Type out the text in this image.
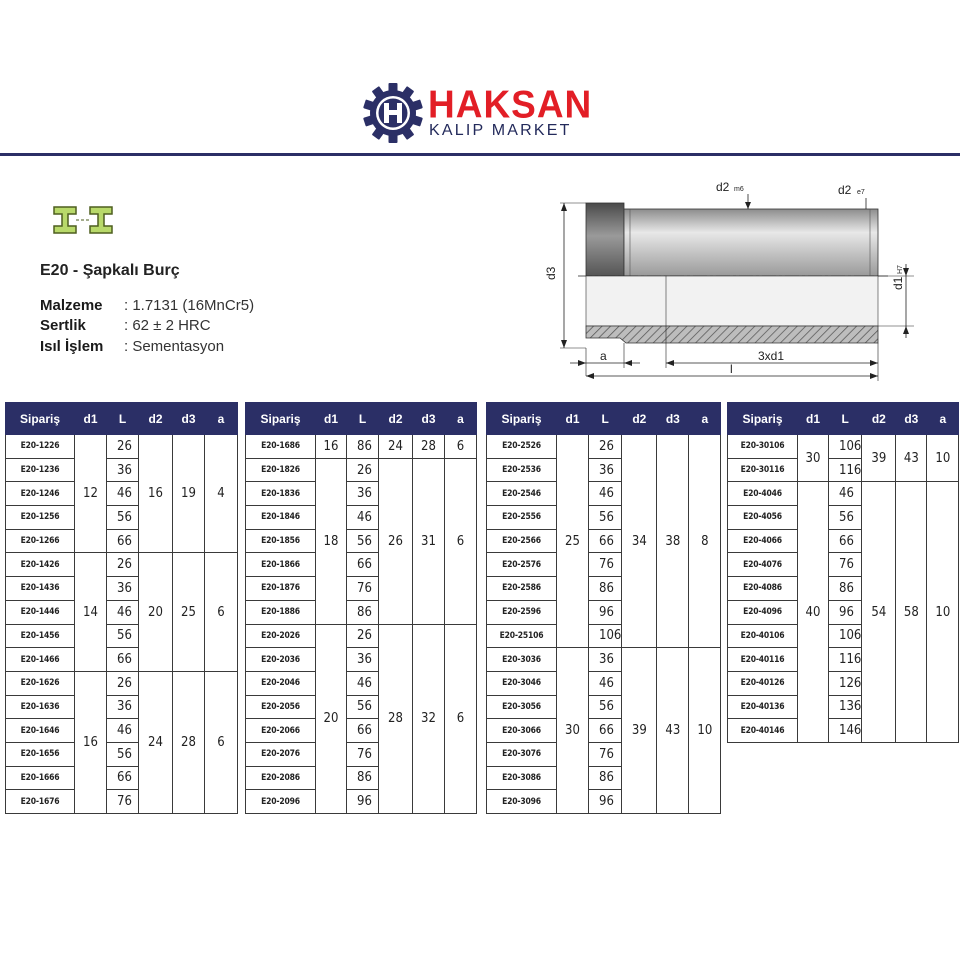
HAKSAN
KALIP MARKET
E20 - Şapkalı Burç
Malzeme : 1.7131 (16MnCr5)
Sertlik	: 62 ± 2 HRC
Isıl İşlem : Sementasyon
d3
d2 m6	d2 e7
d1
H7
a	3xd1
l
Sipariş	d1	L	d2	d3	a
E20-1226	12	26	16	19	4
E20-1236		36			
E20-1246		46			
E20-1256		56			
E20-1266		66			
E20-1426	14	26	20	25	6
E20-1436		36			
E20-1446		46			
E20-1456		56			
E20-1466		66			
E20-1626	16	26	24	28	6
E20-1636		36			
E20-1646		46			
E20-1656		56			
E20-1666		66			
E20-1676		76			
Sipariş	d1	L	d2	d3	a
E20-1686	16	86	24	28	6
E20-1826	18	26	26	31	6
E20-1836		36			
E20-1846		46			
E20-1856		56			
E20-1866		66			
E20-1876		76			
E20-1886		86			
E20-2026	20	26	28	32	6
E20-2036		36			
E20-2046		46			
E20-2056		56			
E20-2066		66			
E20-2076		76			
E20-2086		86			
E20-2096		96			
Sipariş	d1	L	d2	d3	a
E20-2526	25	26	34	38	8
E20-2536		36			
E20-2546		46			
E20-2556		56			
E20-2566		66			
E20-2576		76			
E20-2586		86			
E20-2596		96			
E20-25106		106			
E20-3036	30	36	39	43	10
E20-3046		46			
E20-3056		56			
E20-3066		66			
E20-3076		76			
E20-3086		86			
E20-3096		96			
Sipariş	d1	L	d2	d3	a
E20-30106	30	106	39	43	10
E20-30116		116			
E20-4046	40	46	54	58	10
E20-4056		56			
E20-4066		66			
E20-4076		76			
E20-4086		86			
E20-4096		96			
E20-40106		106			
E20-40116		116			
E20-40126		126			
E20-40136		136			
E20-40146		146			
